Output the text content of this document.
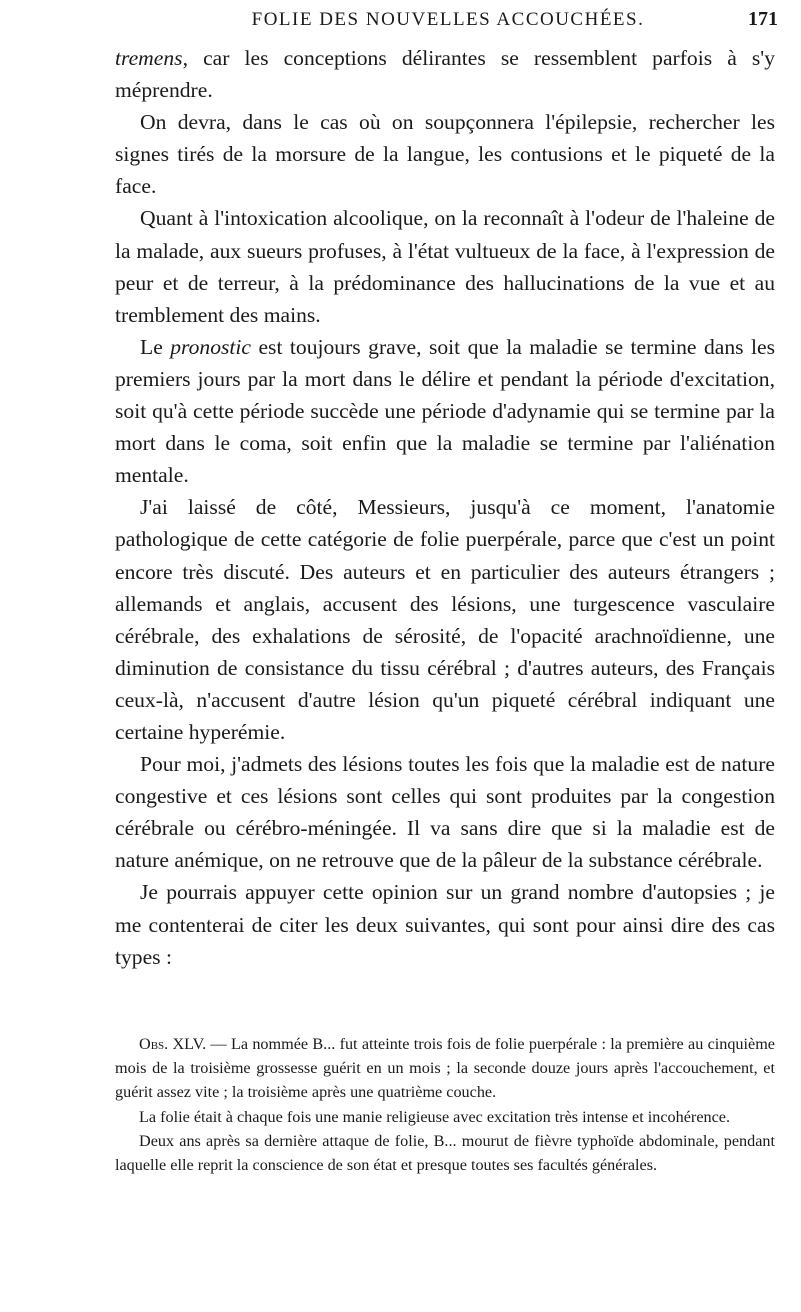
FOLIE DES NOUVELLES ACCOUCHÉES.	171

tremens, car les conceptions délirantes se ressemblent parfois à s'y méprendre.

On devra, dans le cas où on soupçonnera l'épilepsie, rechercher les signes tirés de la morsure de la langue, les contusions et le piqueté de la face.

Quant à l'intoxication alcoolique, on la reconnaît à l'odeur de l'haleine de la malade, aux sueurs profuses, à l'état vultueux de la face, à l'expression de peur et de terreur, à la prédominance des hallucinations de la vue et au tremblement des mains.

Le pronostic est toujours grave, soit que la maladie se termine dans les premiers jours par la mort dans le délire et pendant la période d'excitation, soit qu'à cette période succède une période d'adynamie qui se termine par la mort dans le coma, soit enfin que la maladie se termine par l'aliénation mentale.

J'ai laissé de côté, Messieurs, jusqu'à ce moment, l'anatomie pathologique de cette catégorie de folie puerpérale, parce que c'est un point encore très discuté. Des auteurs et en particulier des auteurs étrangers ; allemands et anglais, accusent des lésions, une turgescence vasculaire cérébrale, des exhalations de sérosité, de l'opacité arachnoïdienne, une diminution de consistance du tissu cérébral ; d'autres auteurs, des Français ceux-là, n'accusent d'autre lésion qu'un piqueté cérébral indiquant une certaine hyperémie.

Pour moi, j'admets des lésions toutes les fois que la maladie est de nature congestive et ces lésions sont celles qui sont produites par la congestion cérébrale ou cérébro-méningée. Il va sans dire que si la maladie est de nature anémique, on ne retrouve que de la pâleur de la substance cérébrale.

Je pourrais appuyer cette opinion sur un grand nombre d'autopsies ; je me contenterai de citer les deux suivantes, qui sont pour ainsi dire des cas types :

Obs. XLV. — La nommée B... fut atteinte trois fois de folie puerpérale : la première au cinquième mois de la troisième grossesse guérit en un mois ; la seconde douze jours après l'accouchement, et guérit assez vite ; la troisième après une quatrième couche.

La folie était à chaque fois une manie religieuse avec excitation très intense et incohérence.

Deux ans après sa dernière attaque de folie, B... mourut de fièvre typhoïde abdominale, pendant laquelle elle reprit la conscience de son état et presque toutes ses facultés générales.
